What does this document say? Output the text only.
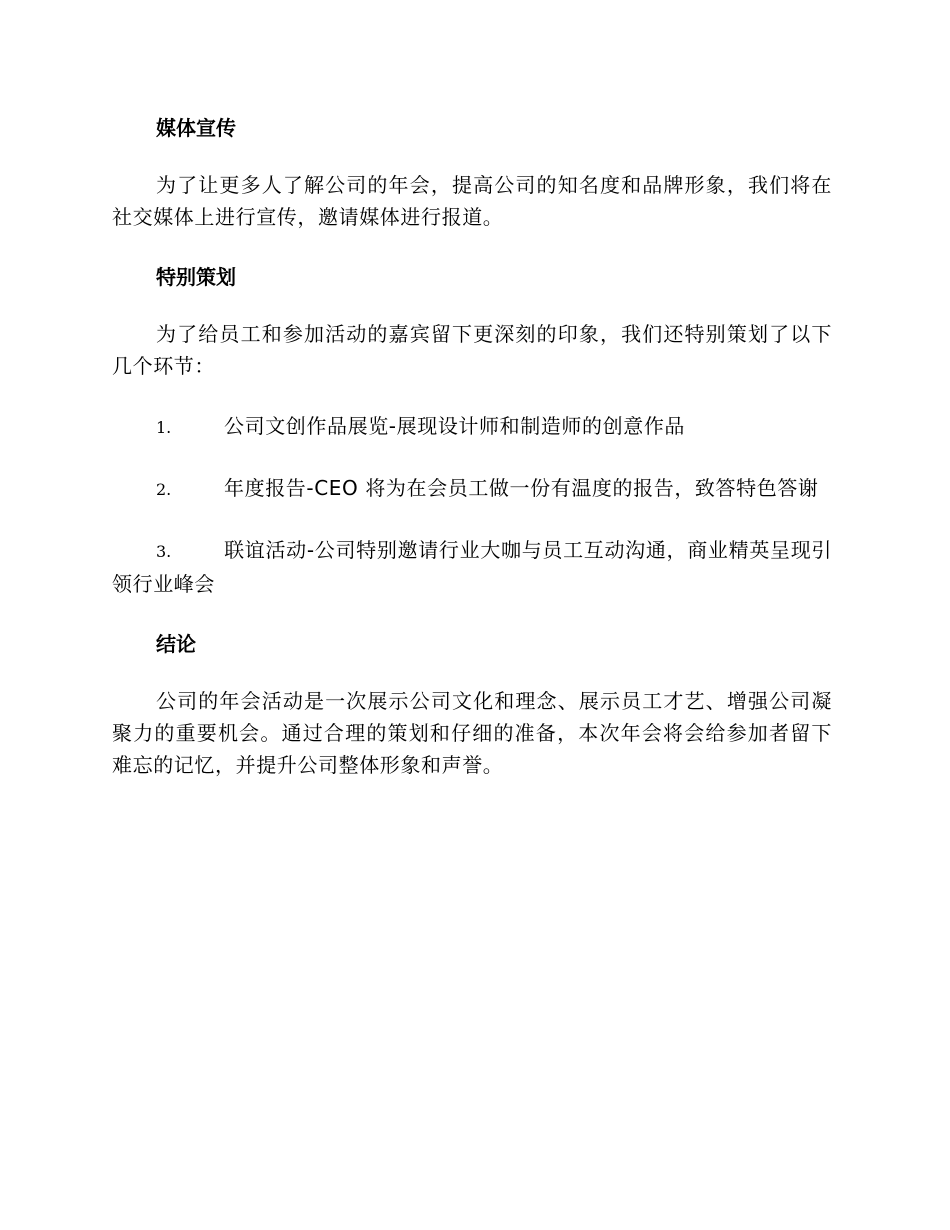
媒体宣传

为了让更多人了解公司的年会，提高公司的知名度和品牌形象，我们将在社交媒体上进行宣传，邀请媒体进行报道。

特别策划

为了给员工和参加活动的嘉宾留下更深刻的印象，我们还特别策划了以下几个环节：

1.	公司文创作品展览-展现设计师和制造师的创意作品

2.	年度报告-CEO 将为在会员工做一份有温度的报告，致答特色答谢

3.	联谊活动-公司特别邀请行业大咖与员工互动沟通，商业精英呈现引领行业峰会

结论

公司的年会活动是一次展示公司文化和理念、展示员工才艺、增强公司凝聚力的重要机会。通过合理的策划和仔细的准备，本次年会将会给参加者留下难忘的记忆，并提升公司整体形象和声誉。
